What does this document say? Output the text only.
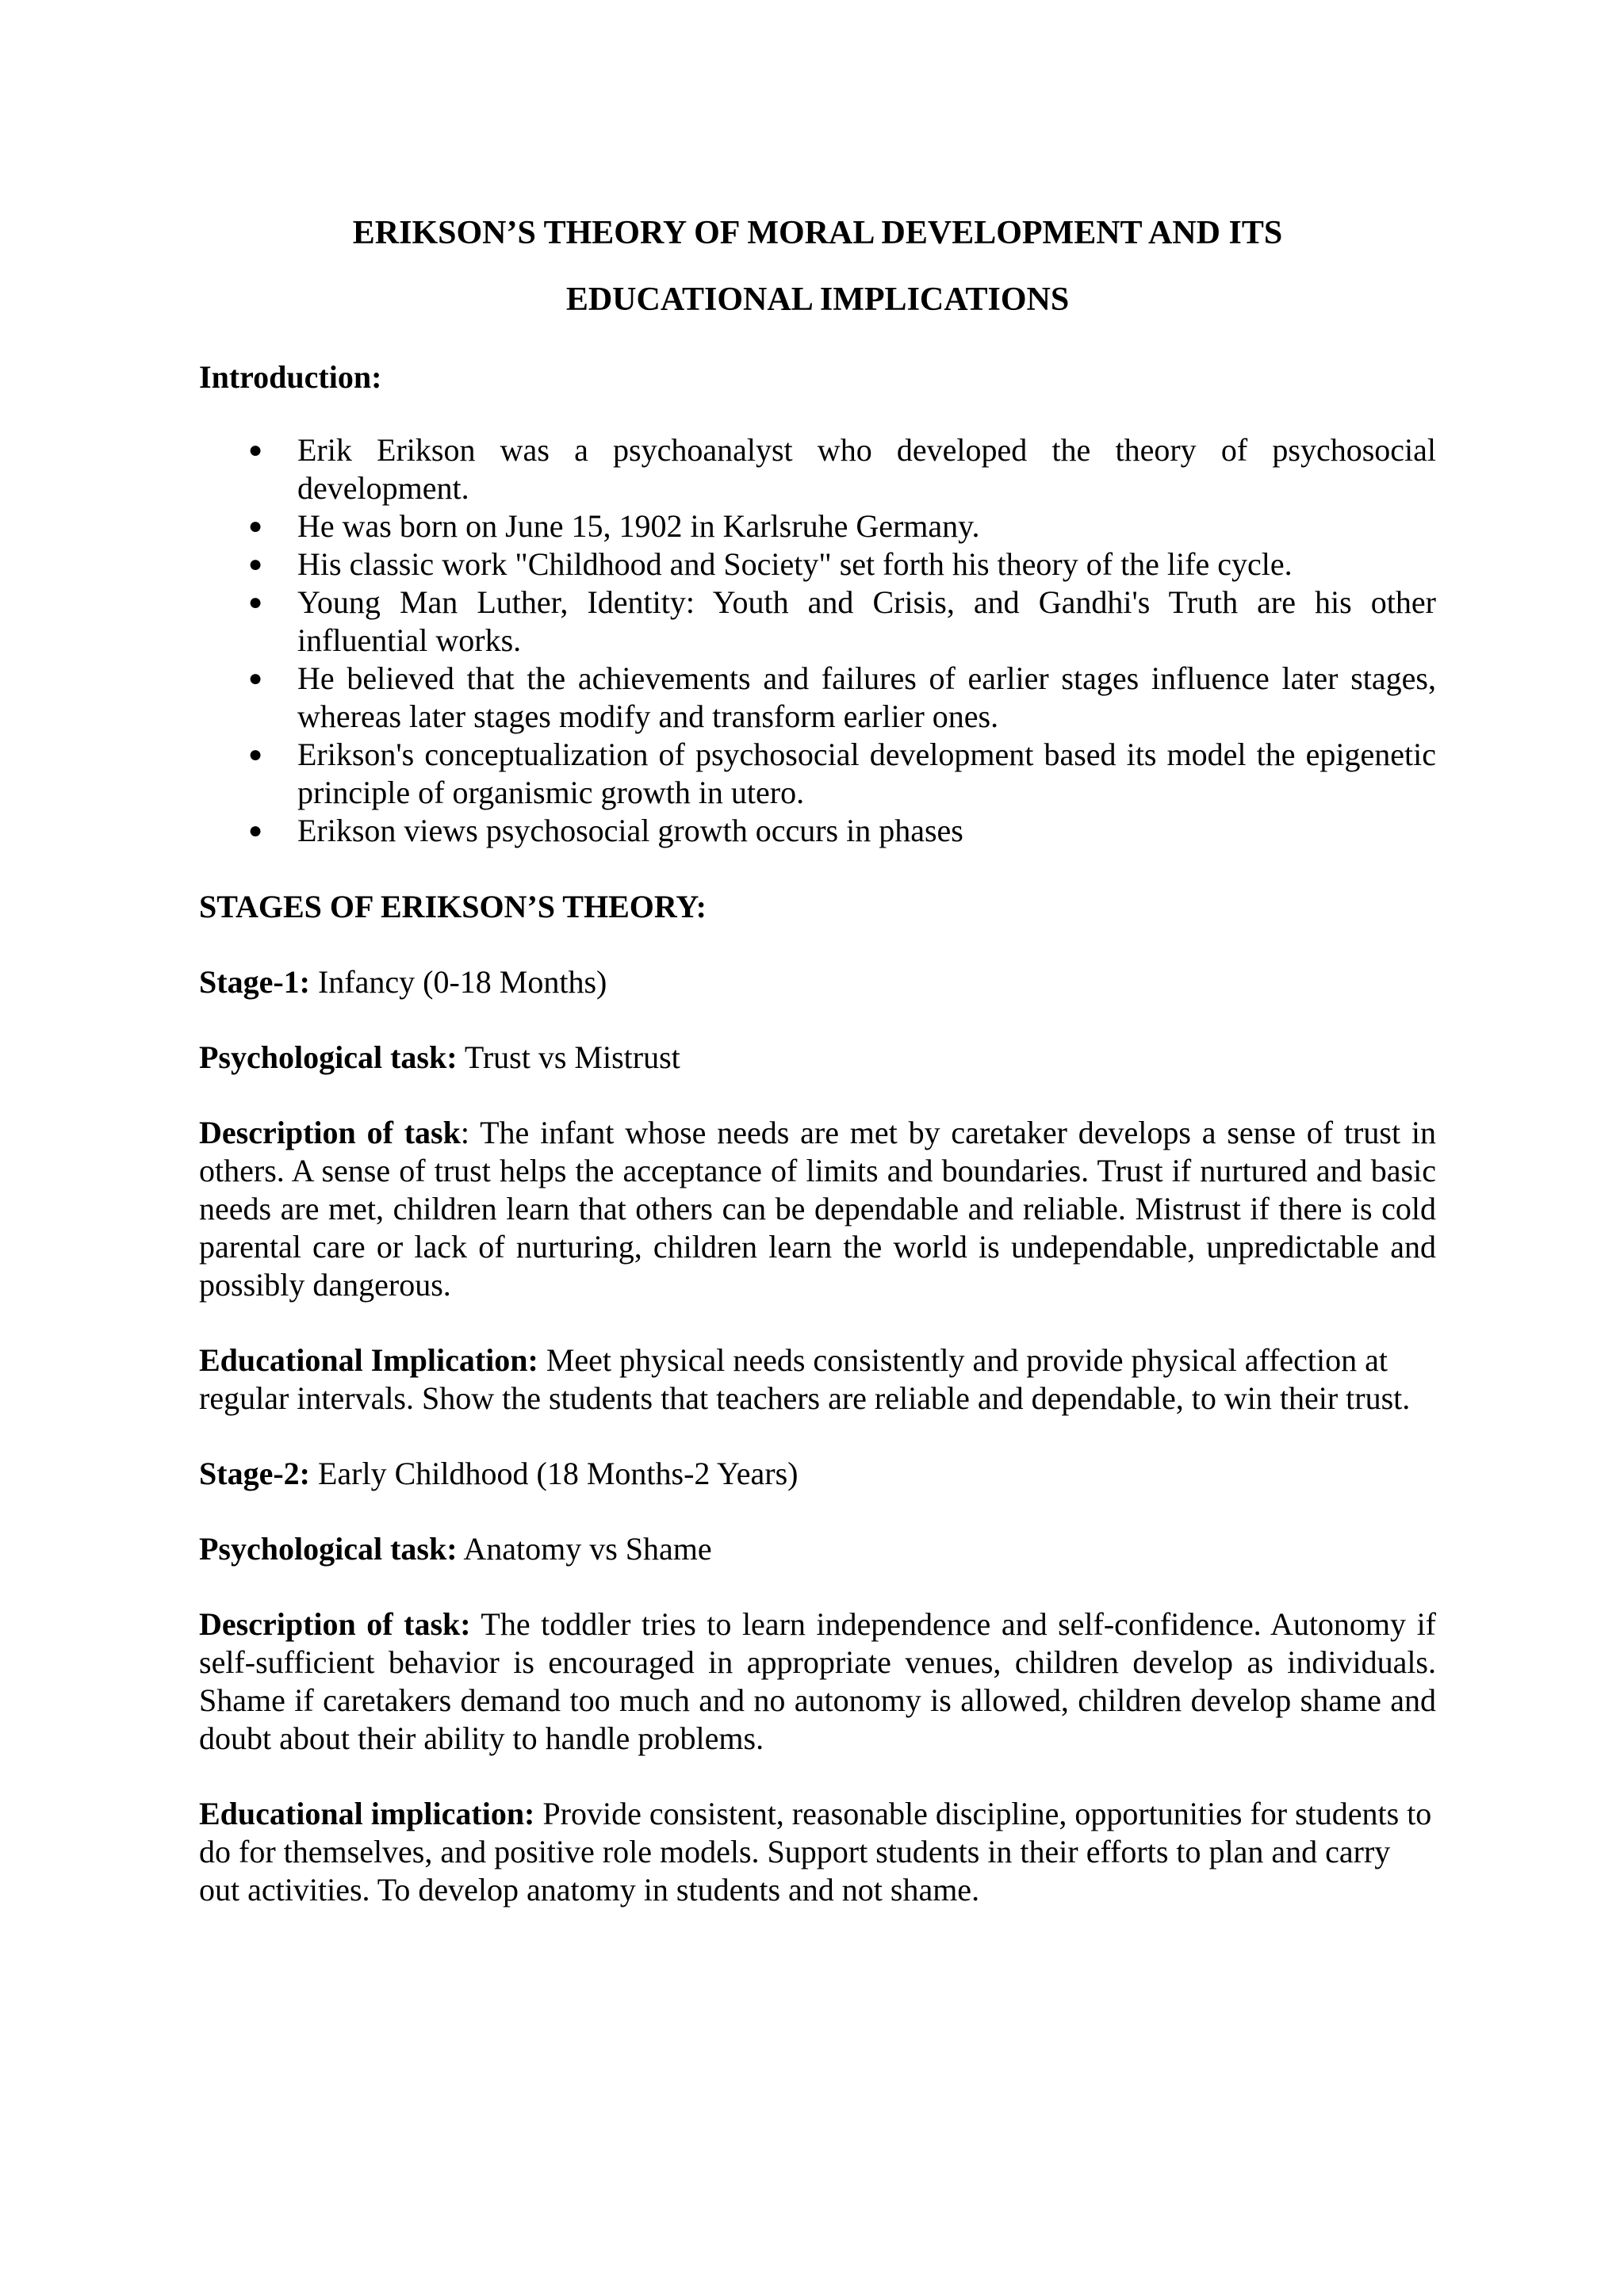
ERIKSON’S THEORY OF MORAL DEVELOPMENT AND ITS
EDUCATIONAL IMPLICATIONS
Introduction:
● Erik Erikson was a psychoanalyst who developed the theory of psychosocial development.
● He was born on June 15, 1902 in Karlsruhe Germany.
● His classic work "Childhood and Society" set forth his theory of the life cycle.
● Young Man Luther, Identity: Youth and Crisis, and Gandhi's Truth are his other influential works.
● He believed that the achievements and failures of earlier stages influence later stages, whereas later stages modify and transform earlier ones.
● Erikson's conceptualization of psychosocial development based its model the epigenetic principle of organismic growth in utero.
● Erikson views psychosocial growth occurs in phases
STAGES OF ERIKSON’S THEORY:

Stage-1: Infancy (0-18 Months)

Psychological task: Trust vs Mistrust

Description of task: The infant whose needs are met by caretaker develops a sense of trust in others. A sense of trust helps the acceptance of limits and boundaries. Trust if nurtured and basic needs are met, children learn that others can be dependable and reliable. Mistrust if there is cold parental care or lack of nurturing, children learn the world is undependable, unpredictable and possibly dangerous.

Educational Implication: Meet physical needs consistently and provide physical affection at regular intervals. Show the students that teachers are reliable and dependable, to win their trust.

Stage-2: Early Childhood (18 Months-2 Years)

Psychological task: Anatomy vs Shame

Description of task: The toddler tries to learn independence and self-confidence. Autonomy if self-sufficient behavior is encouraged in appropriate venues, children develop as individuals. Shame if caretakers demand too much and no autonomy is allowed, children develop shame and doubt about their ability to handle problems.

Educational implication: Provide consistent, reasonable discipline, opportunities for students to do for themselves, and positive role models. Support students in their efforts to plan and carry out activities. To develop anatomy in students and not shame.
